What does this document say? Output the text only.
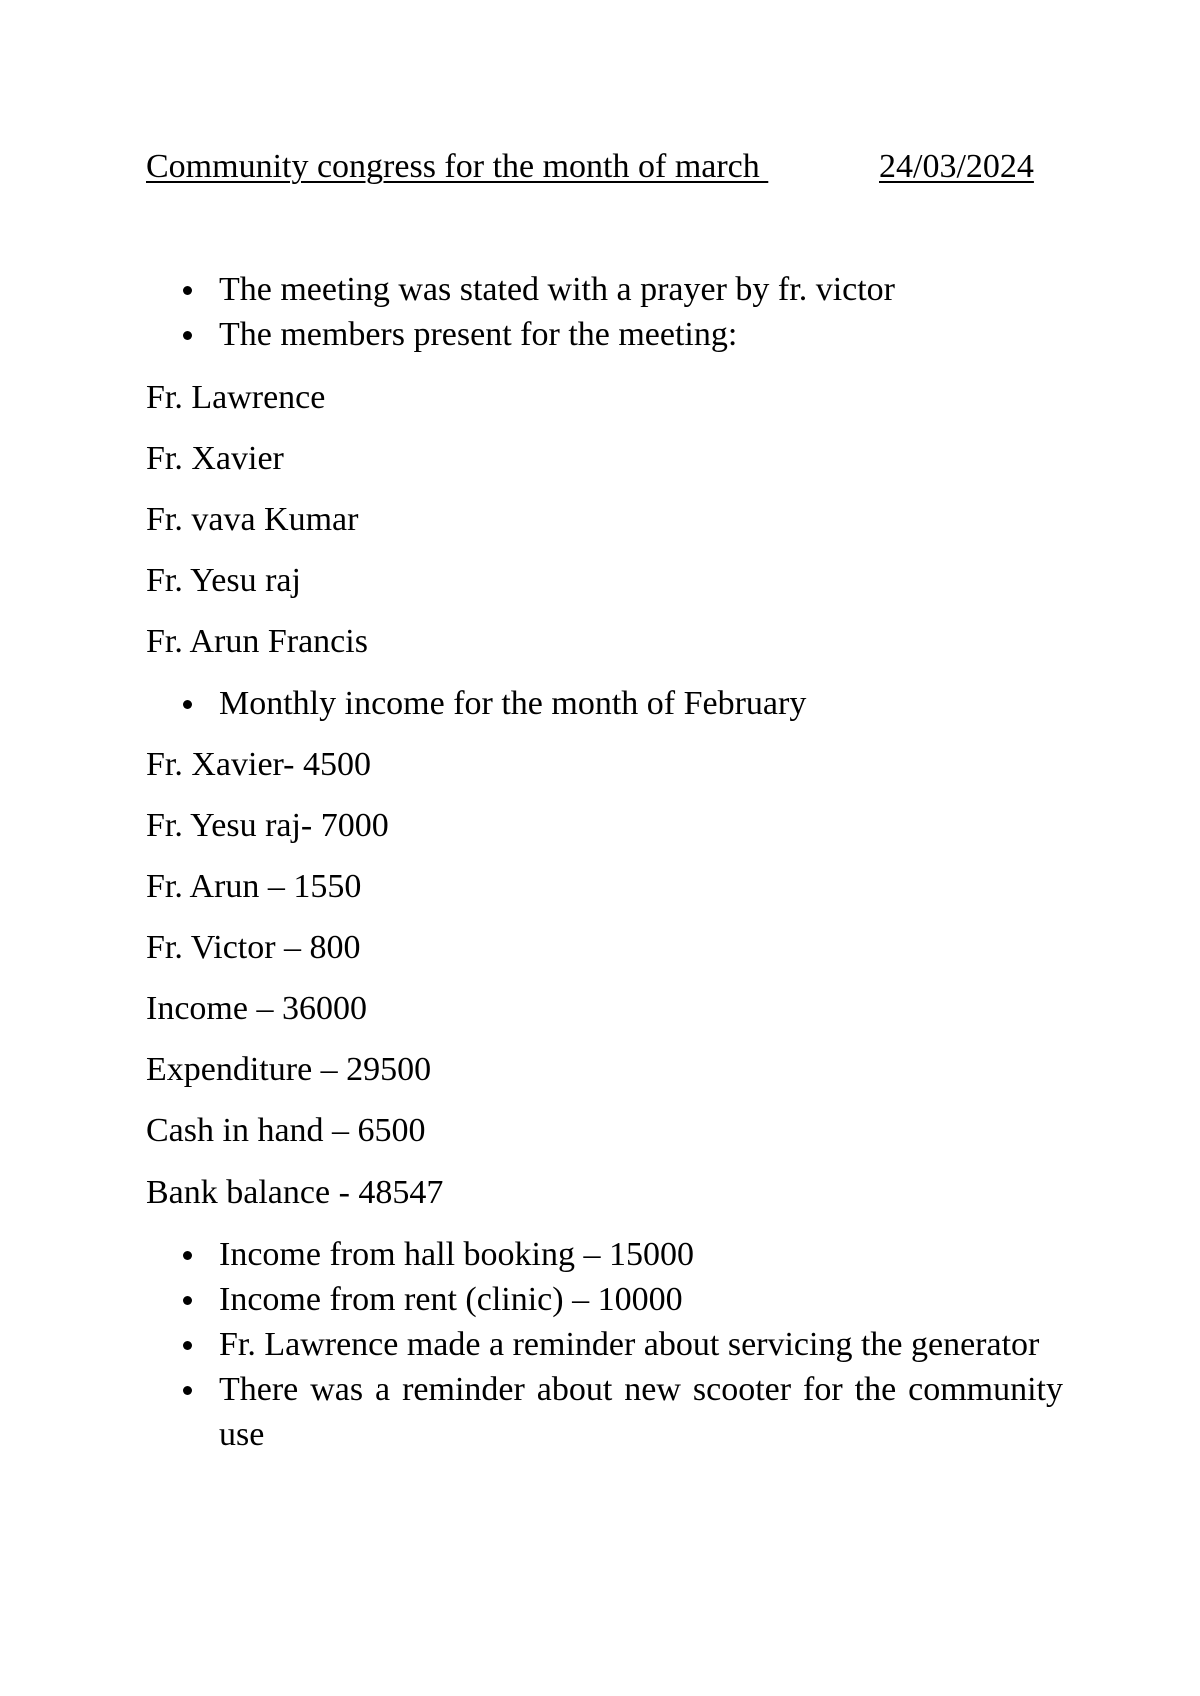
Community congress for the month of march	24/03/2024
The meeting was stated with a prayer by fr. victor
The members present for the meeting:
Fr. Lawrence
Fr. Xavier
Fr. vava Kumar
Fr. Yesu raj
Fr. Arun Francis
Monthly income for the month of February
Fr. Xavier- 4500
Fr. Yesu raj- 7000
Fr. Arun – 1550
Fr. Victor – 800
Income – 36000
Expenditure – 29500
Cash in hand – 6500
Bank balance - 48547
Income from hall booking – 15000
Income from rent (clinic) – 10000
Fr. Lawrence made a reminder about servicing the generator
There was a reminder about new scooter for the community use
